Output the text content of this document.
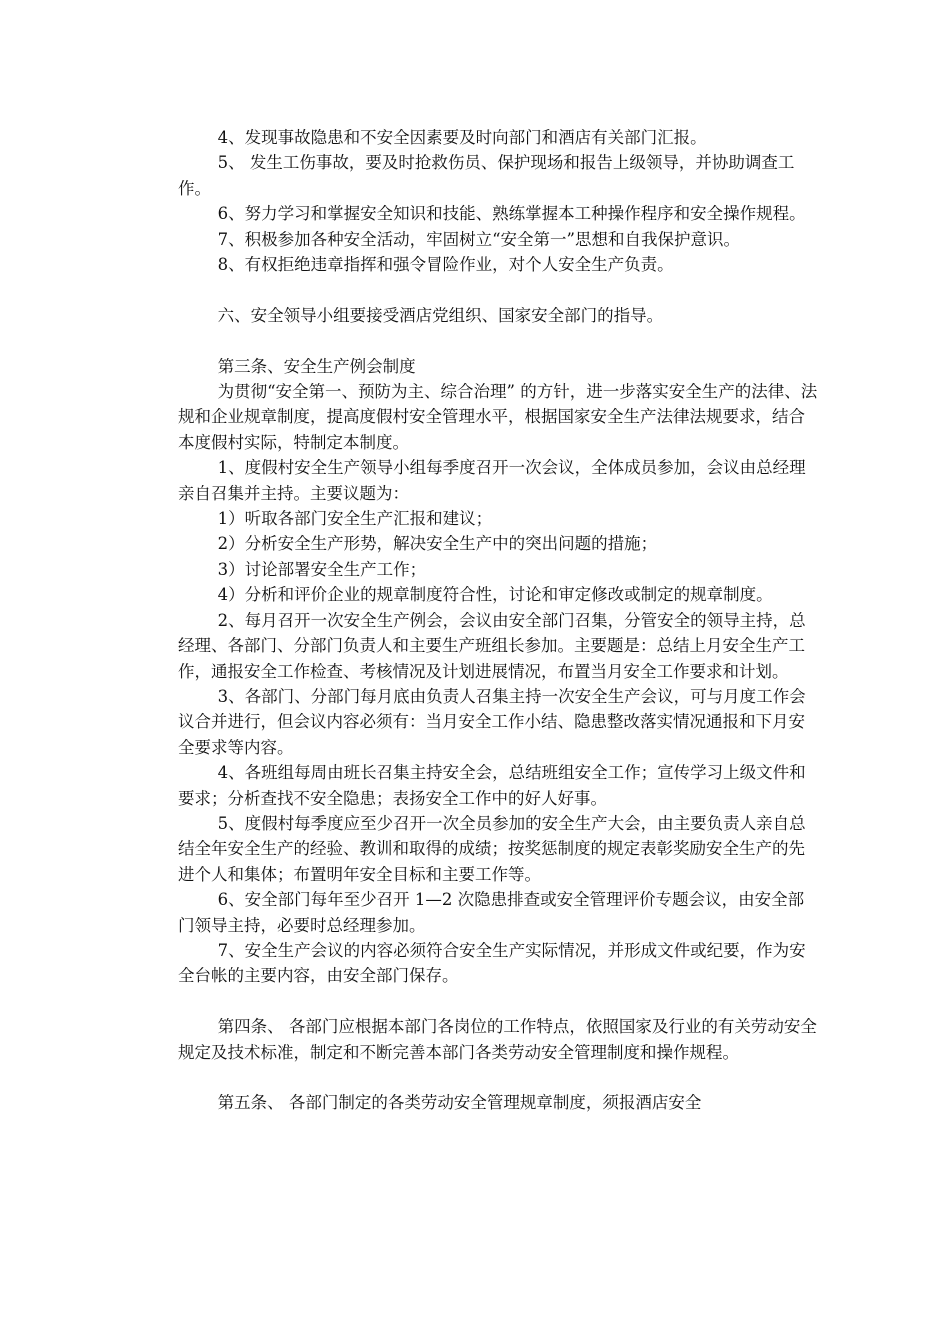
4、发现事故隐患和不安全因素要及时向部门和酒店有关部门汇报。

5、 发生工伤事故，要及时抢救伤员、保护现场和报告上级领导，并协助调查工作。

6、努力学习和掌握安全知识和技能、熟练掌握本工种操作程序和安全操作规程。

7、积极参加各种安全活动，牢固树立“安全第一”思想和自我保护意识。

8、有权拒绝违章指挥和强令冒险作业，对个人安全生产负责。

六、安全领导小组要接受酒店党组织、国家安全部门的指导。

第三条、安全生产例会制度

为贯彻“安全第一、预防为主、综合治理” 的方针，进一步落实安全生产的法律、法规和企业规章制度，提高度假村安全管理水平，根据国家安全生产法律法规要求，结合本度假村实际，特制定本制度。

1、度假村安全生产领导小组每季度召开一次会议，全体成员参加，会议由总经理亲自召集并主持。主要议题为：

1）听取各部门安全生产汇报和建议；

2）分析安全生产形势，解决安全生产中的突出问题的措施；

3）讨论部署安全生产工作；

4）分析和评价企业的规章制度符合性，讨论和审定修改或制定的规章制度。

2、每月召开一次安全生产例会，会议由安全部门召集，分管安全的领导主持，总经理、各部门、分部门负责人和主要生产班组长参加。主要题是：总结上月安全生产工作，通报安全工作检查、考核情况及计划进展情况，布置当月安全工作要求和计划。

3、各部门、分部门每月底由负责人召集主持一次安全生产会议，可与月度工作会议合并进行，但会议内容必须有：当月安全工作小结、隐患整改落实情况通报和下月安全要求等内容。

4、各班组每周由班长召集主持安全会，总结班组安全工作；宣传学习上级文件和要求；分析查找不安全隐患；表扬安全工作中的好人好事。

5、度假村每季度应至少召开一次全员参加的安全生产大会，由主要负责人亲自总结全年安全生产的经验、教训和取得的成绩；按奖惩制度的规定表彰奖励安全生产的先进个人和集体；布置明年安全目标和主要工作等。

6、安全部门每年至少召开 1—2 次隐患排查或安全管理评价专题会议，由安全部门领导主持，必要时总经理参加。

7、安全生产会议的内容必须符合安全生产实际情况，并形成文件或纪要，作为安全台帐的主要内容，由安全部门保存。

第四条、 各部门应根据本部门各岗位的工作特点，依照国家及行业的有关劳动安全规定及技术标准，制定和不断完善本部门各类劳动安全管理制度和操作规程。

第五条、 各部门制定的各类劳动安全管理规章制度，须报酒店安全
